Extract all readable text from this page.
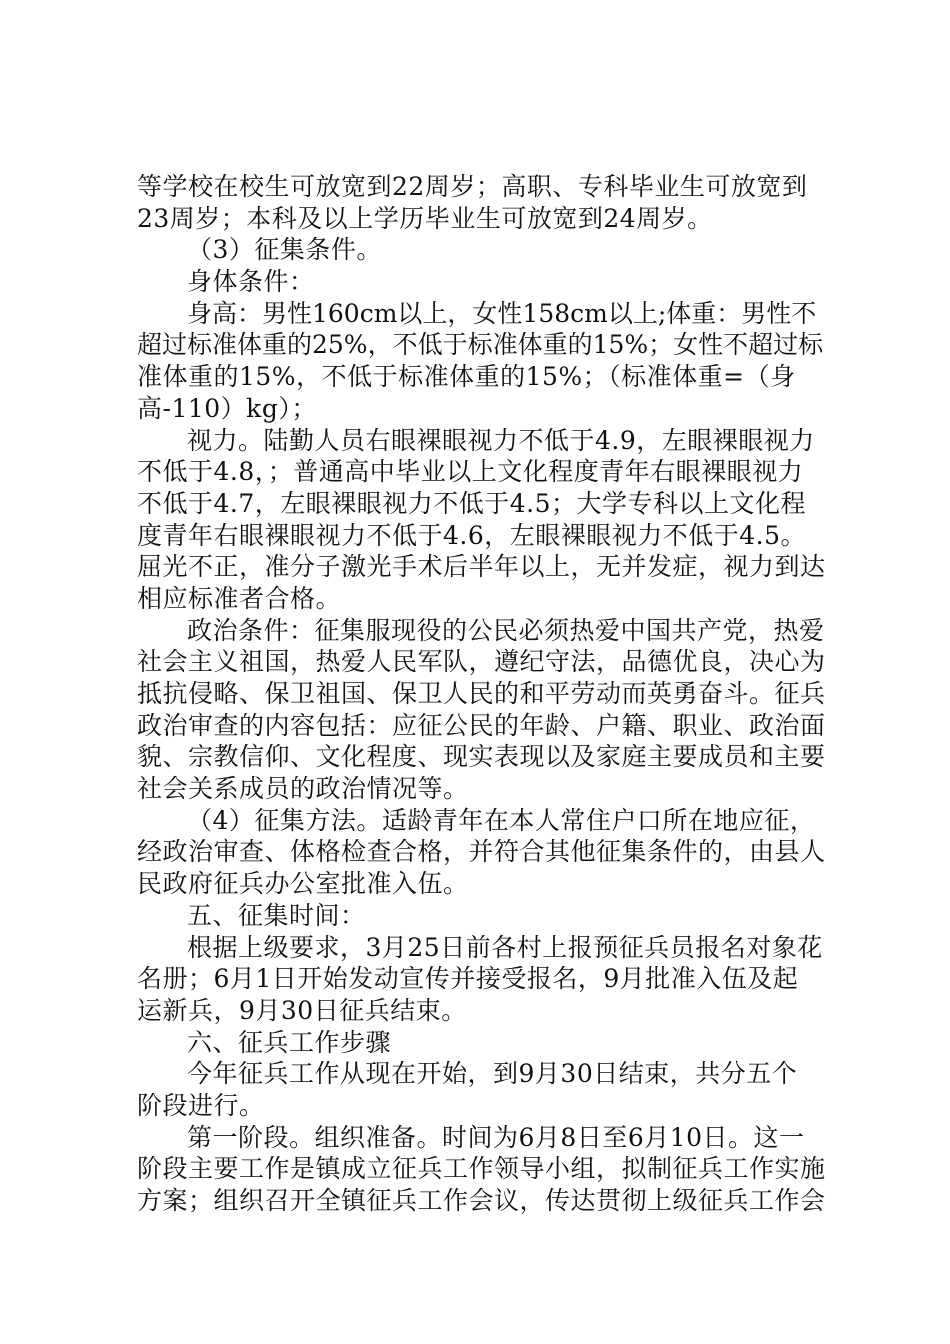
等学校在校生可放宽到22周岁；高职、专科毕业生可放宽到
23周岁；本科及以上学历毕业生可放宽到24周岁。
（3）征集条件。
身体条件：
身高：男性160cm以上，女性158cm以上;体重：男性不
超过标准体重的25%，不低于标准体重的15%；女性不超过标
准体重的15%，不低于标准体重的15%；（标准体重=（身
高-110）kg）；
视力。陆勤人员右眼裸眼视力不低于4.9，左眼裸眼视力
不低于4.8，；普通高中毕业以上文化程度青年右眼裸眼视力
不低于4.7，左眼裸眼视力不低于4.5；大学专科以上文化程
度青年右眼裸眼视力不低于4.6，左眼裸眼视力不低于4.5。
屈光不正，准分子激光手术后半年以上，无并发症，视力到达
相应标准者合格。
政治条件：征集服现役的公民必须热爱中国共产党，热爱
社会主义祖国，热爱人民军队，遵纪守法，品德优良，决心为
抵抗侵略、保卫祖国、保卫人民的和平劳动而英勇奋斗。征兵
政治审查的内容包括：应征公民的年龄、户籍、职业、政治面
貌、宗教信仰、文化程度、现实表现以及家庭主要成员和主要
社会关系成员的政治情况等。
（4）征集方法。适龄青年在本人常住户口所在地应征，
经政治审查、体格检查合格，并符合其他征集条件的，由县人
民政府征兵办公室批准入伍。
五、征集时间：
根据上级要求，3月25日前各村上报预征兵员报名对象花
名册；6月1日开始发动宣传并接受报名，9月批准入伍及起
运新兵，9月30日征兵结束。
六、征兵工作步骤
今年征兵工作从现在开始，到9月30日结束，共分五个
阶段进行。
第一阶段。组织准备。时间为6月8日至6月10日。这一
阶段主要工作是镇成立征兵工作领导小组，拟制征兵工作实施
方案；组织召开全镇征兵工作会议，传达贯彻上级征兵工作会
